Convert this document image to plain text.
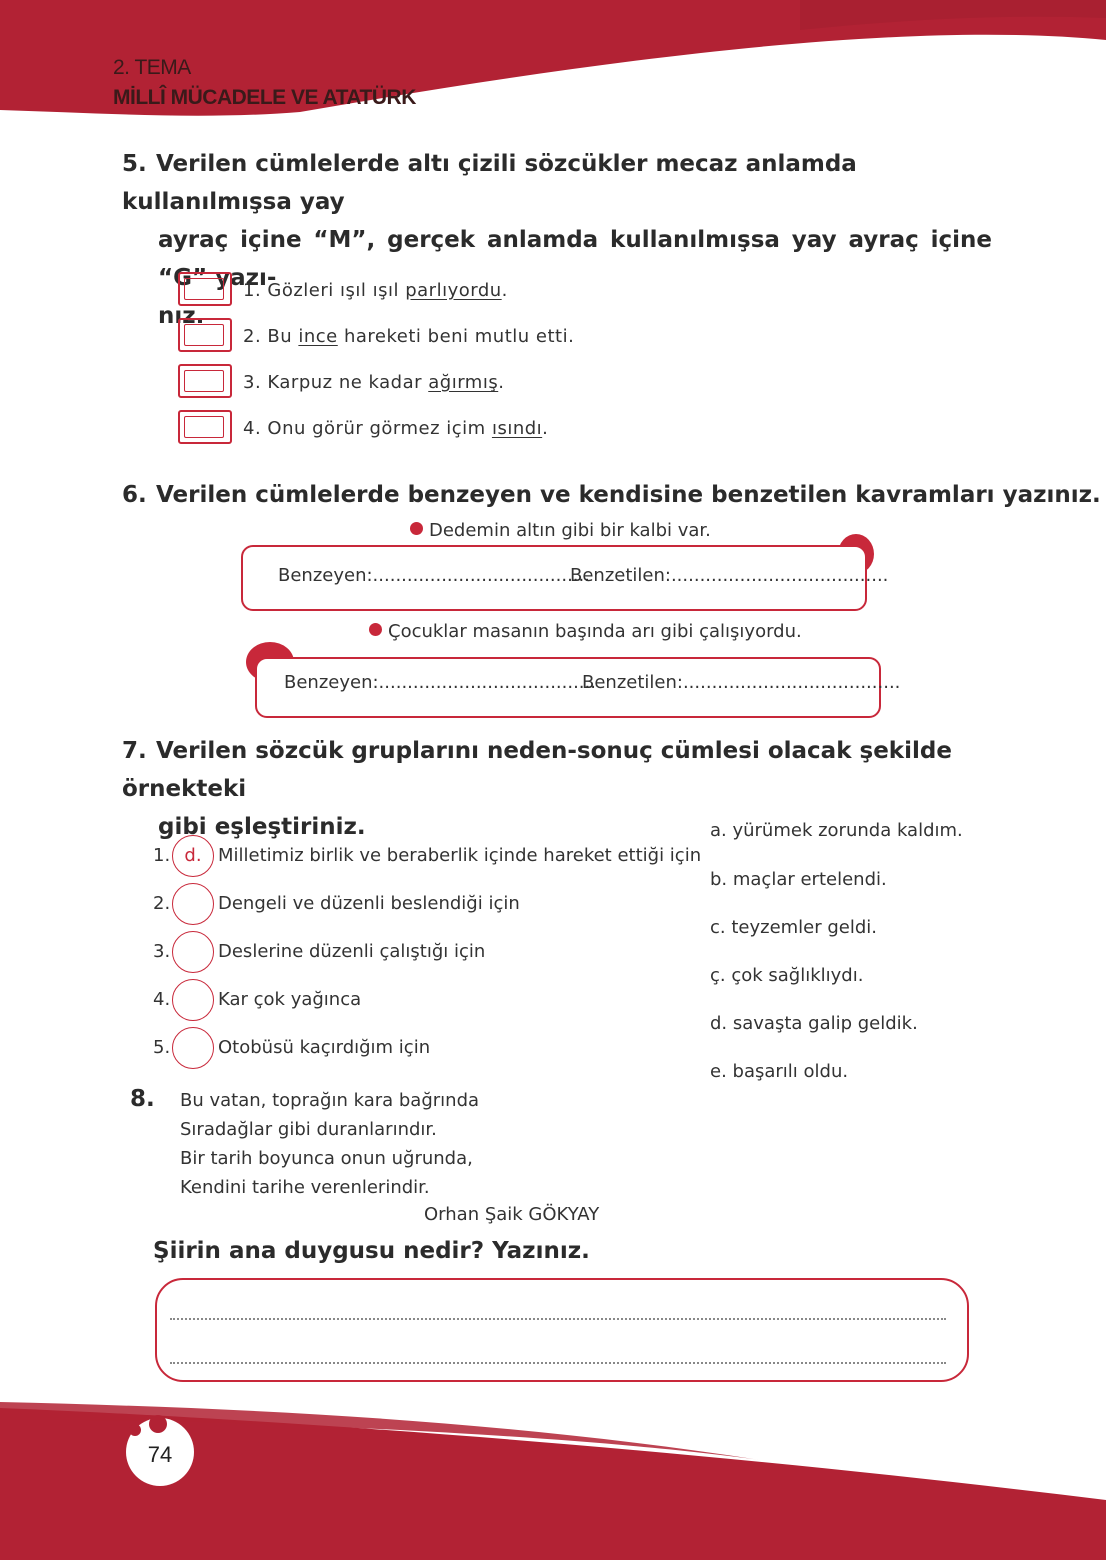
2. TEMA
MİLLÎ MÜCADELE VE ATATÜRK
5. Verilen cümlelerde altı çizili sözcükler mecaz anlamda kullanılmışsa yay
ayraç içine “M”, gerçek anlamda kullanılmışsa yay ayraç içine “G” yazı-
nız.
1. Gözleri ışıl ışıl parlıyordu.
2. Bu ince hareketi beni mutlu etti.
3. Karpuz ne kadar ağırmış.
4. Onu görür görmez içim ısındı.
6. Verilen cümlelerde benzeyen ve kendisine benzetilen kavramları yazınız.
Dedemin altın gibi bir kalbi var.
Benzeyen:......................................
Benzetilen:......................................
Çocuklar masanın başında arı gibi çalışıyordu.
Benzeyen:......................................
Benzetilen:......................................
7. Verilen sözcük gruplarını neden-sonuç cümlesi olacak şekilde örnekteki
gibi eşleştiriniz.
1. d. Milletimiz birlik ve beraberlik içinde hareket ettiği için
2.	Dengeli ve düzenli beslendiği için
3.	Deslerine düzenli çalıştığı için
4.	Kar çok yağınca
5.	Otobüsü kaçırdığım için
a. yürümek zorunda kaldım.
b. maçlar ertelendi.
c. teyzemler geldi.
ç. çok sağlıklıydı.
d. savaşta galip geldik.
e. başarılı oldu.
8. Bu vatan, toprağın kara bağrında
Sıradağlar gibi duranlarındır.
Bir tarih boyunca onun uğrunda,
Kendini tarihe verenlerindir.
Orhan Şaik GÖKYAY
Şiirin ana duygusu nedir? Yazınız.
74
